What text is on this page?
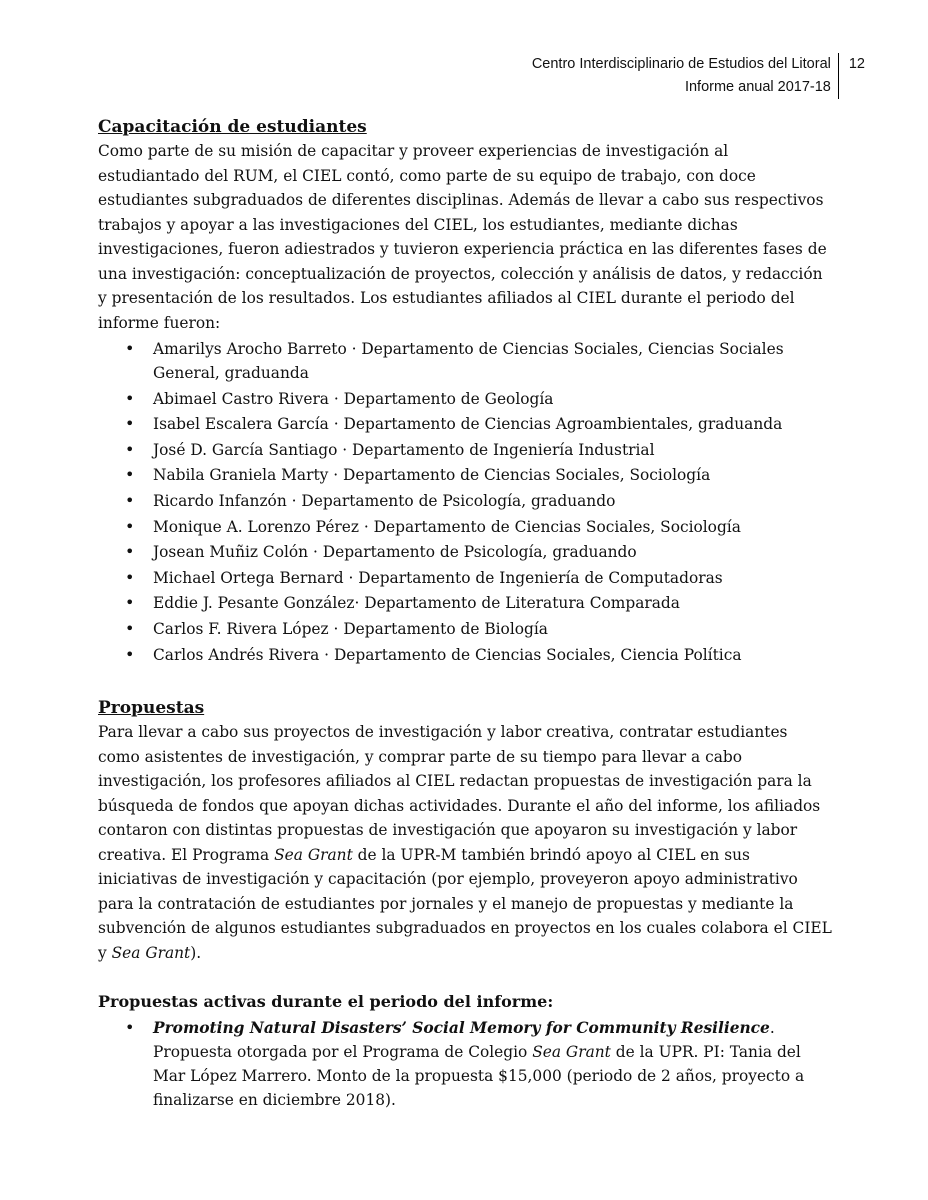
Centro Interdisciplinario de Estudios del Litoral
Informe anual 2017-18
12
Capacitación de estudiantes

Como parte de su misión de capacitar y proveer experiencias de investigación al estudiantado del RUM, el CIEL contó, como parte de su equipo de trabajo, con doce estudiantes subgraduados de diferentes disciplinas. Además de llevar a cabo sus respectivos trabajos y apoyar a las investigaciones del CIEL, los estudiantes, mediante dichas investigaciones, fueron adiestrados y tuvieron experiencia práctica en las diferentes fases de una investigación: conceptualización de proyectos, colección y análisis de datos, y redacción y presentación de los resultados. Los estudiantes afiliados al CIEL durante el periodo del informe fueron:

• Amarilys Arocho Barreto · Departamento de Ciencias Sociales, Ciencias Sociales General, graduanda
• Abimael Castro Rivera · Departamento de Geología
• Isabel Escalera García · Departamento de Ciencias Agroambientales, graduanda
• José D. García Santiago · Departamento de Ingeniería Industrial
• Nabila Graniela Marty · Departamento de Ciencias Sociales, Sociología
• Ricardo Infanzón · Departamento de Psicología, graduando
• Monique A. Lorenzo Pérez · Departamento de Ciencias Sociales, Sociología
• Josean Muñiz Colón · Departamento de Psicología, graduando
• Michael Ortega Bernard · Departamento de Ingeniería de Computadoras
• Eddie J. Pesante González· Departamento de Literatura Comparada
• Carlos F. Rivera López · Departamento de Biología
• Carlos Andrés Rivera · Departamento de Ciencias Sociales, Ciencia Política
Propuestas

Para llevar a cabo sus proyectos de investigación y labor creativa, contratar estudiantes como asistentes de investigación, y comprar parte de su tiempo para llevar a cabo investigación, los profesores afiliados al CIEL redactan propuestas de investigación para la búsqueda de fondos que apoyan dichas actividades. Durante el año del informe, los afiliados contaron con distintas propuestas de investigación que apoyaron su investigación y labor creativa. El Programa Sea Grant de la UPR-M también brindó apoyo al CIEL en sus iniciativas de investigación y capacitación (por ejemplo, proveyeron apoyo administrativo para la contratación de estudiantes por jornales y el manejo de propuestas y mediante la subvención de algunos estudiantes subgraduados en proyectos en los cuales colabora el CIEL y Sea Grant).

Propuestas activas durante el periodo del informe:
• Promoting Natural Disasters’ Social Memory for Community Resilience. Propuesta otorgada por el Programa de Colegio Sea Grant de la UPR. PI: Tania del Mar López Marrero. Monto de la propuesta $15,000 (periodo de 2 años, proyecto a finalizarse en diciembre 2018).
